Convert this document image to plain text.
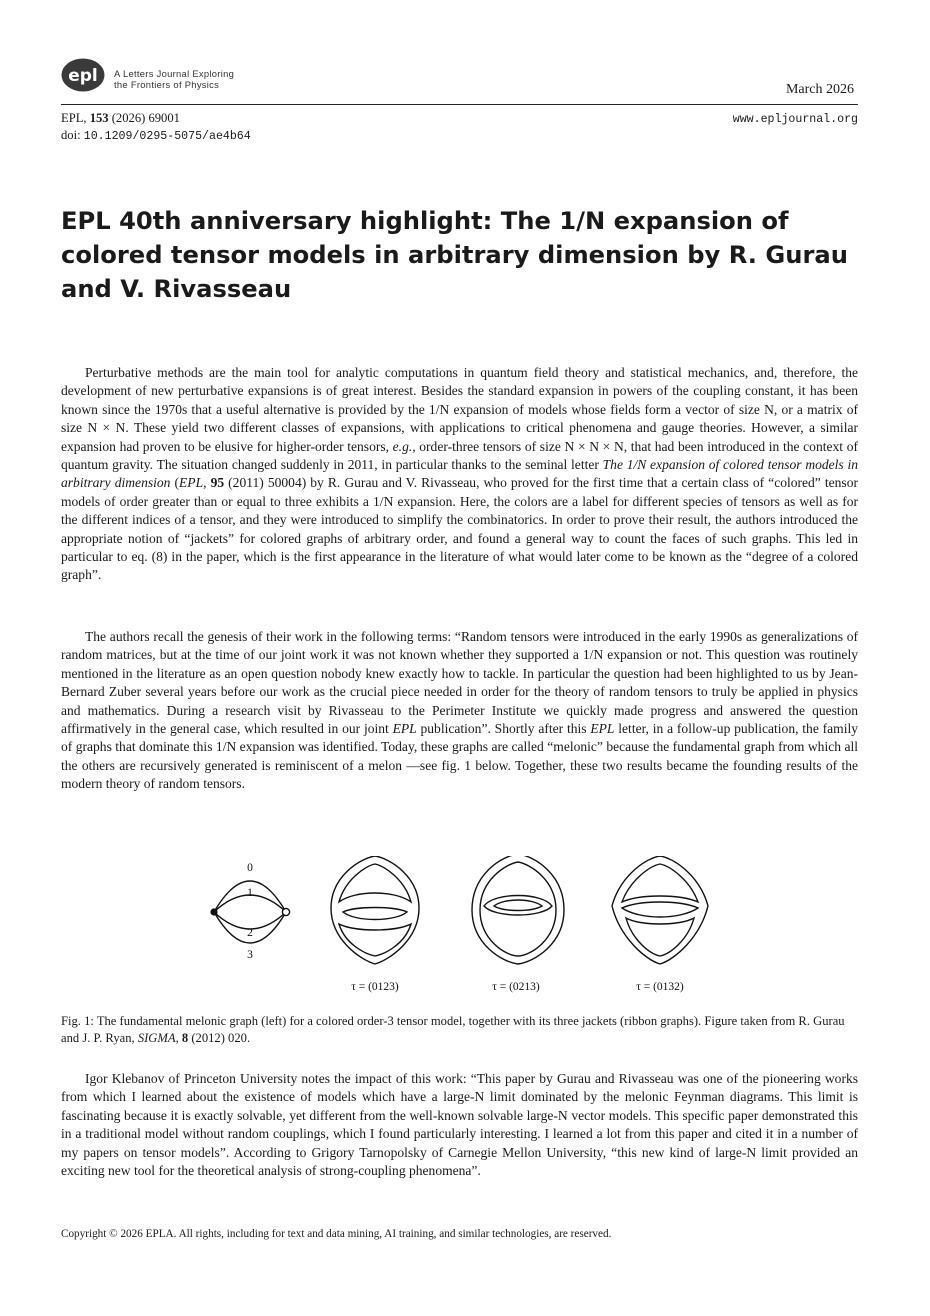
epl A Letters Journal Exploring
the Frontiers of Physics	March 2026
EPL, 153 (2026) 69001
doi: 10.1209/0295-5075/ae4b64
www.epljournal.org
EPL 40th anniversary highlight: The 1/N expansion of colored tensor models in arbitrary dimension by R. Gurau and V. Rivasseau

Perturbative methods are the main tool for analytic computations in quantum field theory and statistical mechanics, and, therefore, the development of new perturbative expansions is of great interest. Besides the standard expansion in powers of the coupling constant, it has been known since the 1970s that a useful alternative is provided by the 1/N expansion of models whose fields form a vector of size N, or a matrix of size N × N. These yield two different classes of expansions, with applications to critical phenomena and gauge theories. However, a similar expansion had proven to be elusive for higher-order tensors, e.g., order-three tensors of size N × N × N, that had been introduced in the context of quantum gravity. The situation changed suddenly in 2011, in particular thanks to the seminal letter The 1/N expansion of colored tensor models in arbitrary dimension (EPL, 95 (2011) 50004) by R. Gurau and V. Rivasseau, who proved for the first time that a certain class of “colored” tensor models of order greater than or equal to three exhibits a 1/N expansion. Here, the colors are a label for different species of tensors as well as for the different indices of a tensor, and they were introduced to simplify the combinatorics. In order to prove their result, the authors introduced the appropriate notion of “jackets” for colored graphs of arbitrary order, and found a general way to count the faces of such graphs. This led in particular to eq. (8) in the paper, which is the first appearance in the literature of what would later come to be known as the “degree of a colored graph”.

The authors recall the genesis of their work in the following terms: “Random tensors were introduced in the early 1990s as generalizations of random matrices, but at the time of our joint work it was not known whether they supported a 1/N expansion or not. This question was routinely mentioned in the literature as an open question nobody knew exactly how to tackle. In particular the question had been highlighted to us by Jean-Bernard Zuber several years before our work as the crucial piece needed in order for the theory of random tensors to truly be applied in physics and mathematics. During a research visit by Rivasseau to the Perimeter Institute we quickly made progress and answered the question affirmatively in the general case, which resulted in our joint EPL publication”. Shortly after this EPL letter, in a follow-up publication, the family of graphs that dominate this 1/N expansion was identified. Today, these graphs are called “melonic” because the fundamental graph from which all the others are recursively generated is reminiscent of a melon —see fig. 1 below. Together, these two results became the founding results of the modern theory of random tensors.

0
1
2
3
τ = (0123)	τ = (0213)	τ = (0132)

Fig. 1: The fundamental melonic graph (left) for a colored order-3 tensor model, together with its three jackets (ribbon graphs). Figure taken from R. Gurau and J. P. Ryan, SIGMA, 8 (2012) 020.

Igor Klebanov of Princeton University notes the impact of this work: “This paper by Gurau and Rivasseau was one of the pioneering works from which I learned about the existence of models which have a large-N limit dominated by the melonic Feynman diagrams. This limit is fascinating because it is exactly solvable, yet different from the well-known solvable large-N vector models. This specific paper demonstrated this in a traditional model without random couplings, which I found particularly interesting. I learned a lot from this paper and cited it in a number of my papers on tensor models”. According to Grigory Tarnopolsky of Carnegie Mellon University, “this new kind of large-N limit provided an exciting new tool for the theoretical analysis of strong-coupling phenomena”.

Copyright © 2026 EPLA. All rights, including for text and data mining, AI training, and similar technologies, are reserved.
